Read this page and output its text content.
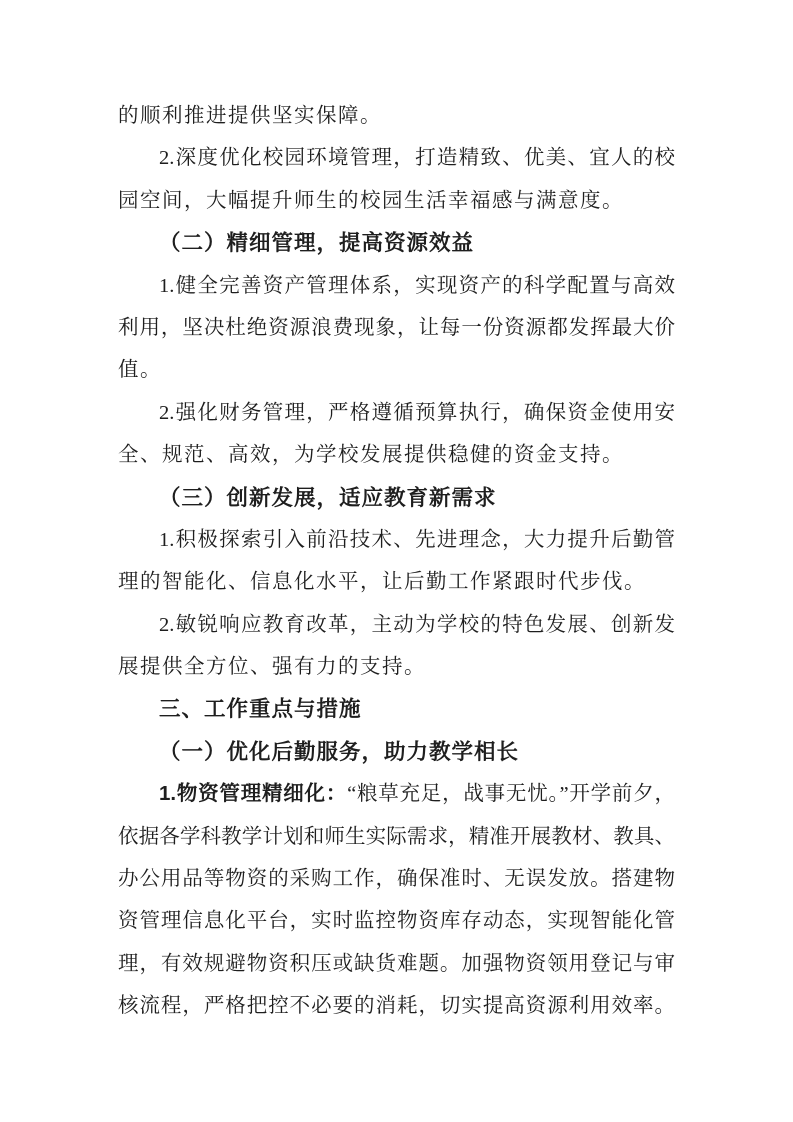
的顺利推进提供坚实保障。
2.深度优化校园环境管理，打造精致、优美、宜人的校
园空间，大幅提升师生的校园生活幸福感与满意度。
（二）精细管理，提高资源效益
1.健全完善资产管理体系，实现资产的科学配置与高效
利用，坚决杜绝资源浪费现象，让每一份资源都发挥最大价
值。
2.强化财务管理，严格遵循预算执行，确保资金使用安
全、规范、高效，为学校发展提供稳健的资金支持。
（三）创新发展，适应教育新需求
1.积极探索引入前沿技术、先进理念，大力提升后勤管
理的智能化、信息化水平，让后勤工作紧跟时代步伐。
2.敏锐响应教育改革，主动为学校的特色发展、创新发
展提供全方位、强有力的支持。
三、工作重点与措施
（一）优化后勤服务，助力教学相长
1.物资管理精细化：“粮草充足，战事无忧。”开学前夕，
依据各学科教学计划和师生实际需求，精准开展教材、教具、
办公用品等物资的采购工作，确保准时、无误发放。搭建物
资管理信息化平台，实时监控物资库存动态，实现智能化管
理，有效规避物资积压或缺货难题。加强物资领用登记与审
核流程，严格把控不必要的消耗，切实提高资源利用效率。
